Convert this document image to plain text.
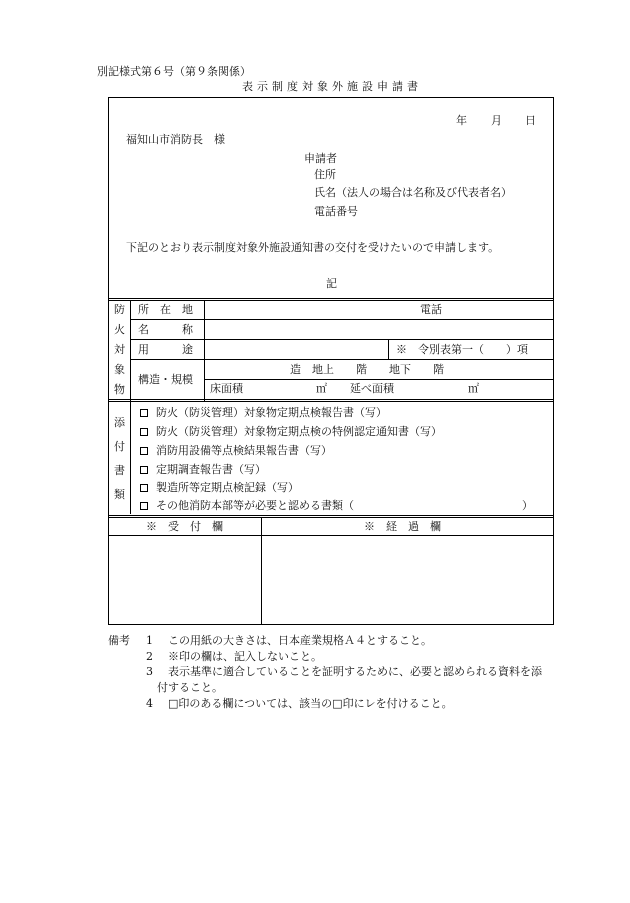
別記様式第６号（第９条関係）
表示制度対象外施設申請書
年 月 日
福知山市消防長　様
申請者
住所
氏名（法人の場合は名称及び代表者名）
電話番号
下記のとおり表示制度対象外施設通知書の交付を受けたいので申請します。
記
防
火
対
象
物
所　在　地	電話
名　　　称
用　　　途	※　令別表第一（　　）項
構造・規模
造　地上　　階　　地下　　階
床面積	㎡ 延べ面積	㎡
添
付
書
類
防火（防災管理）対象物定期点検報告書（写）
防火（防災管理）対象物定期点検の特例認定通知書（写）
消防用設備等点検結果報告書（写）
定期調査報告書（写）
製造所等定期点検記録（写）
その他消防本部等が必要と認める書類（	）
※　受　付　欄	※　経　過　欄
備考 1 この用紙の大きさは、日本産業規格Ａ４とすること。
2 ※印の欄は、記入しないこと。
3 表示基準に適合していることを証明するために、必要と認められる資料を添
付すること。
4 □印のある欄については、該当の□印にレを付けること。
